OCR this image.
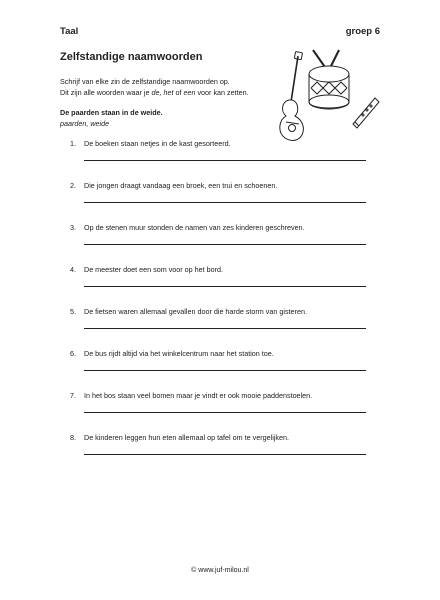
Taal	groep 6
Zelfstandige naamwoorden
Schrijf van elke zin de zelfstandige naamwoorden op.
Dit zijn alle woorden waar je de, het of een voor kan zetten.
De paarden staan in de weide.
paarden, weide
1.	De boeken staan netjes in de kast gesorteerd.
2.	Die jongen draagt vandaag een broek, een trui en schoenen.
3.	Op de stenen muur stonden de namen van zes kinderen geschreven.
4.	De meester doet een som voor op het bord.
5.	De fietsen waren allemaal gevallen door die harde storm van gisteren.
6.	De bus rijdt altijd via het winkelcentrum naar het station toe.
7.	In het bos staan veel bomen maar je vindt er ook mooie paddenstoelen.
8.	De kinderen leggen hun eten allemaal op tafel om te vergelijken.
© www.juf-milou.nl
